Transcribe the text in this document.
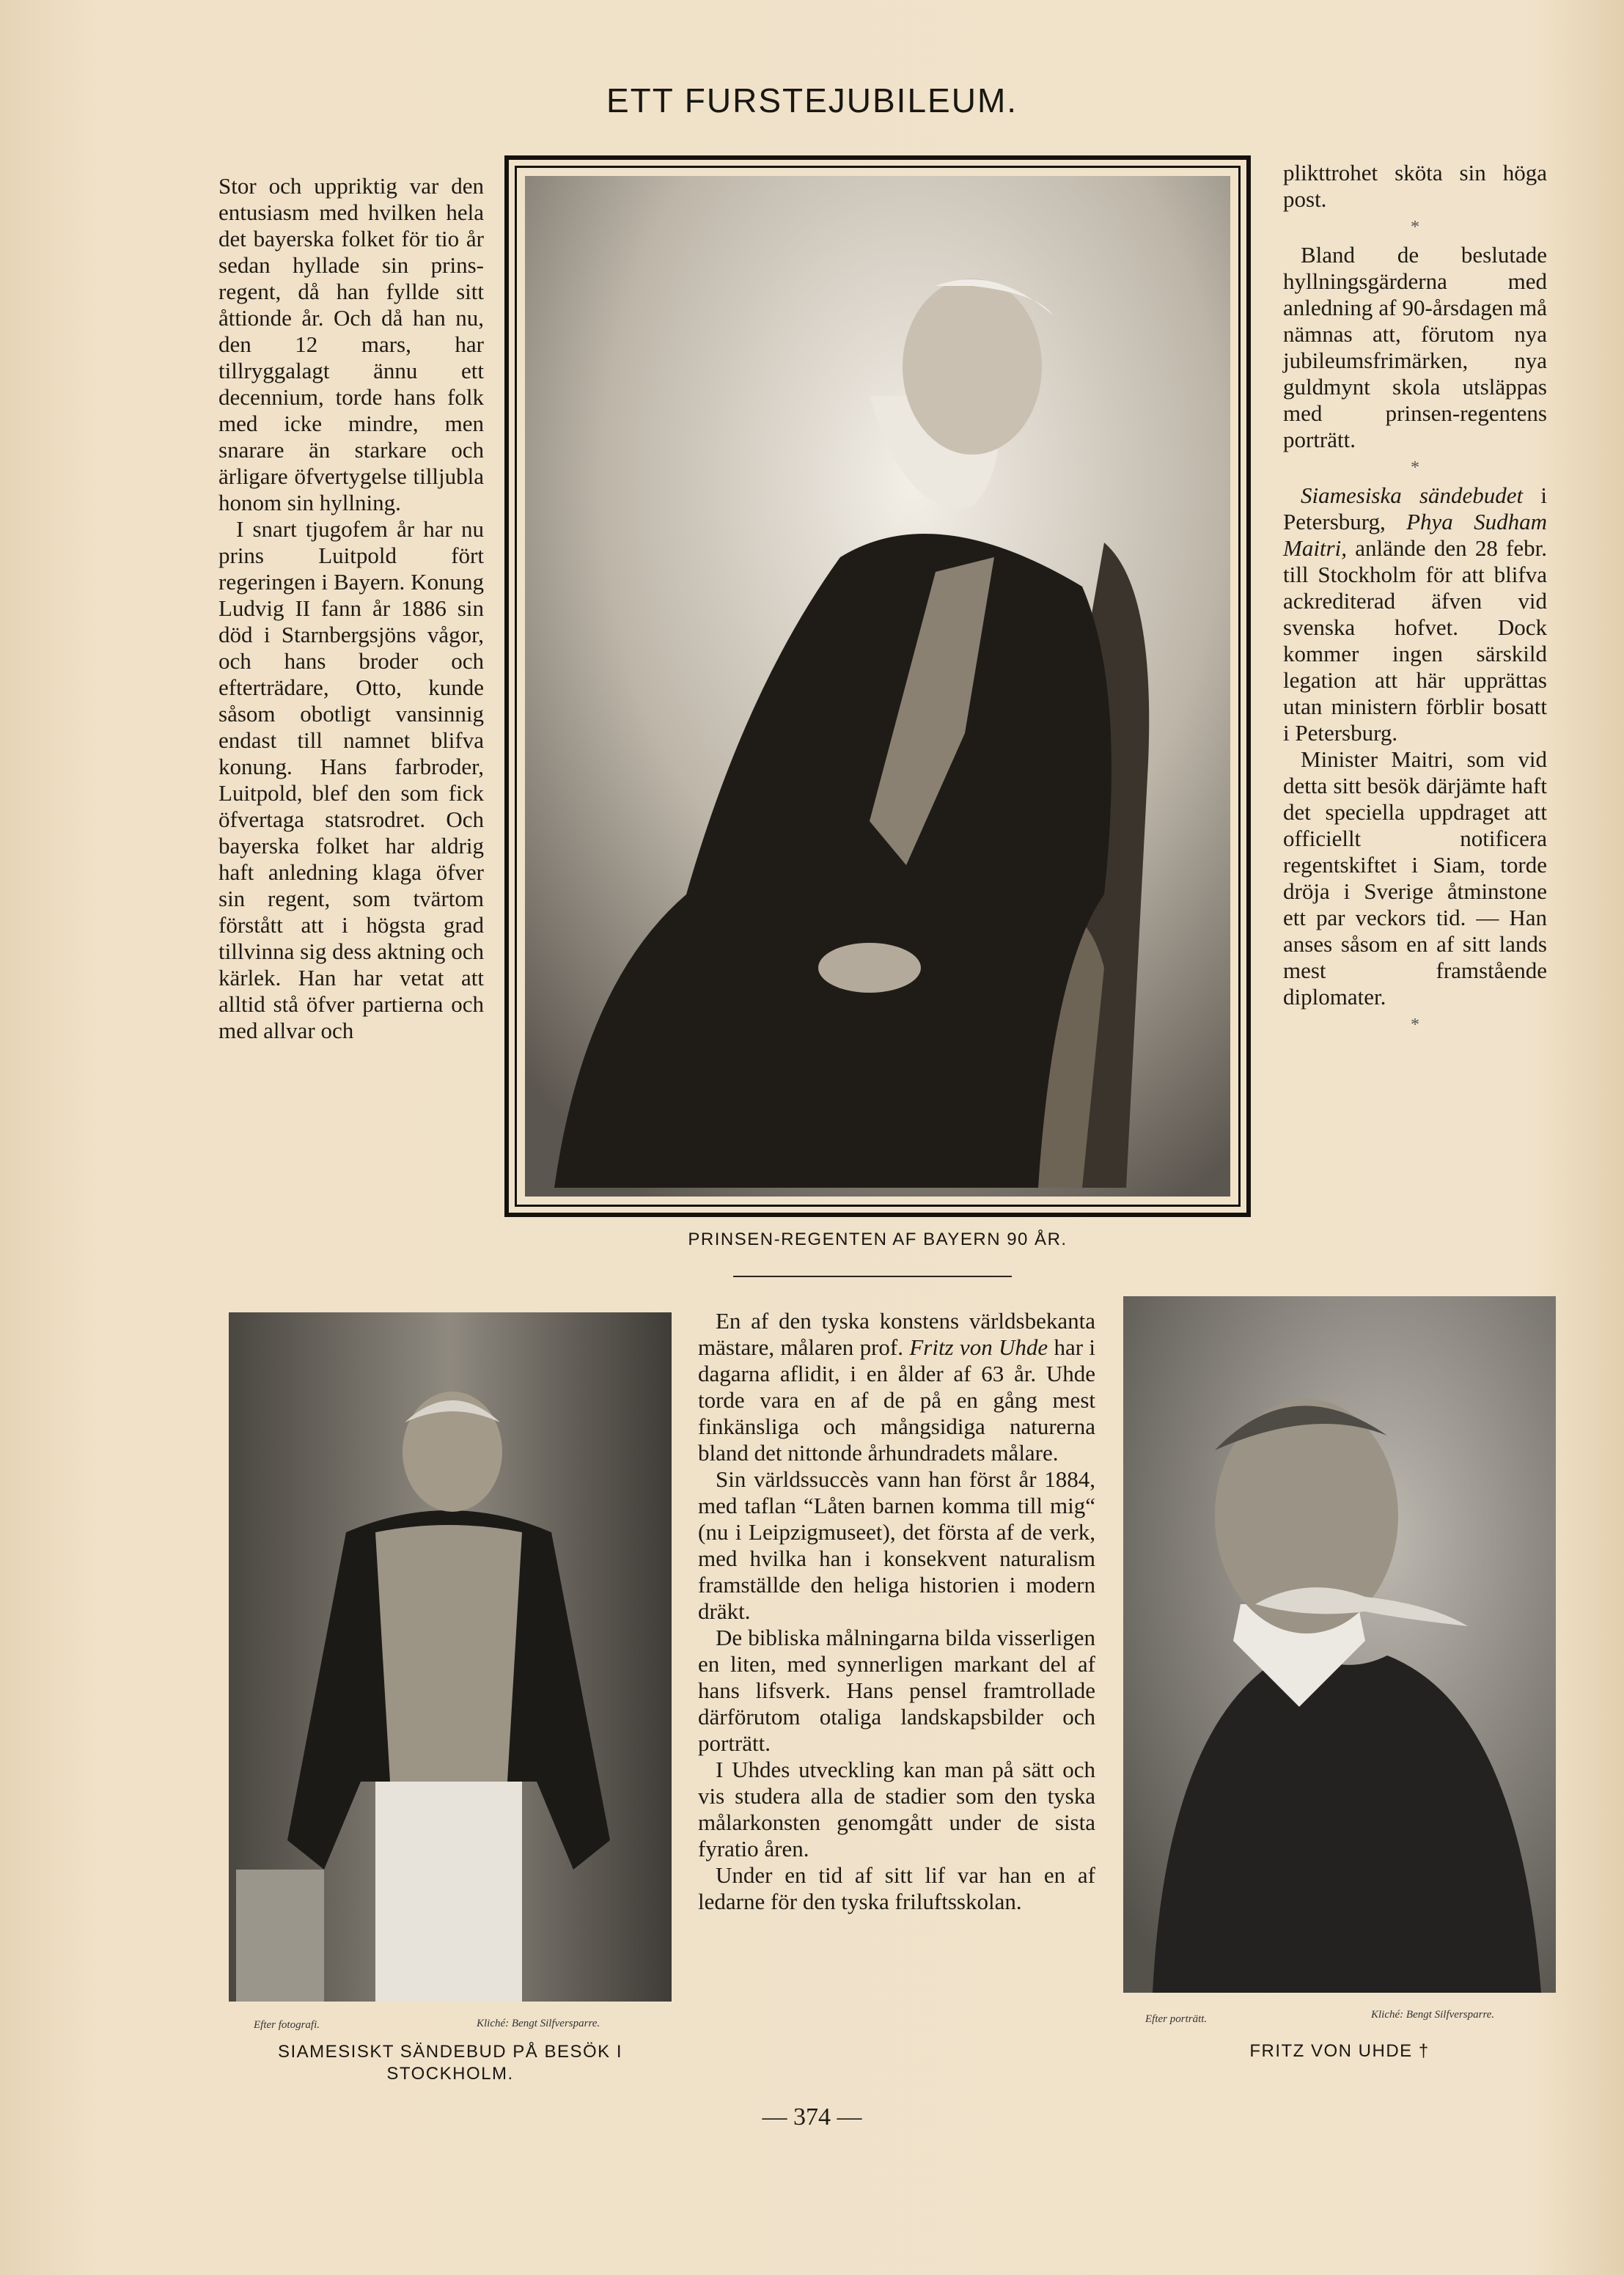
ETT FURSTEJUBILEUM.

Stor och uppriktig var den entusiasm med hvilken hela det bayerska folket för tio år sedan hyllade sin prins-regent, då han fyllde sitt åttionde år. Och då han nu, den 12 mars, har tillryggalagt ännu ett decennium, torde hans folk med icke mindre, men snarare än starkare och ärligare öfvertygelse tilljubla honom sin hyllning.

I snart tjugofem år har nu prins Luitpold fört regeringen i Bayern. Konung Ludvig II fann år 1886 sin död i Starnbergsjöns vågor, och hans broder och efterträdare, Otto, kunde såsom obotligt vansinnig endast till namnet blifva konung. Hans farbroder, Luitpold, blef den som fick öfvertaga statsrodret. Och bayerska folket har aldrig haft anledning klaga öfver sin regent, som tvärtom förstått att i högsta grad tillvinna sig dess aktning och kärlek. Han har vetat att alltid stå öfver partierna och med allvar och

PRINSEN-REGENTEN AF BAYERN 90 ÅR.

plikttrohet sköta sin höga post.

*

Bland de beslutade hyllningsgärderna med anledning af 90-årsdagen må nämnas att, förutom nya jubileumsfrimärken, nya guldmynt skola utsläppas med prinsen-regentens porträtt.

*

Siamesiska sändebudet i Petersburg, Phya Sudham Maitri, anlände den 28 febr. till Stockholm för att blifva ackrediterad äfven vid svenska hofvet. Dock kommer ingen särskild legation att här upprättas utan ministern förblir bosatt i Petersburg.

Minister Maitri, som vid detta sitt besök därjämte haft det speciella uppdraget att officiellt notificera regentskiftet i Siam, torde dröja i Sverige åtminstone ett par veckors tid. — Han anses såsom en af sitt lands mest framstående diplomater.

*
Efter fotografi.	Kliché: Bengt Silfversparre.
SIAMESISKT SÄNDEBUD PÅ BESÖK I
STOCKHOLM.

En af den tyska konstens världsbekanta mästare, målaren prof. Fritz von Uhde har i dagarna aflidit, i en ålder af 63 år. Uhde torde vara en af de på en gång mest finkänsliga och mångsidiga naturerna bland det nittonde århundradets målare.

Sin världssuccès vann han först år 1884, med taflan “Låten barnen komma till mig“ (nu i Leipzigmuseet), det första af de verk, med hvilka han i konsekvent naturalism framställde den heliga historien i modern dräkt.

De bibliska målningarna bilda visserligen en liten, med synnerligen markant del af hans lifsverk. Hans pensel framtrollade därförutom otaliga landskapsbilder och porträtt.

I Uhdes utveckling kan man på sätt och vis studera alla de stadier som den tyska målarkonsten genomgått under de sista fyratio åren.

Under en tid af sitt lif var han en af ledarne för den tyska friluftsskolan.

Efter porträtt.	Kliché: Bengt Silfversparre.
FRITZ VON UHDE †
— 374 —
